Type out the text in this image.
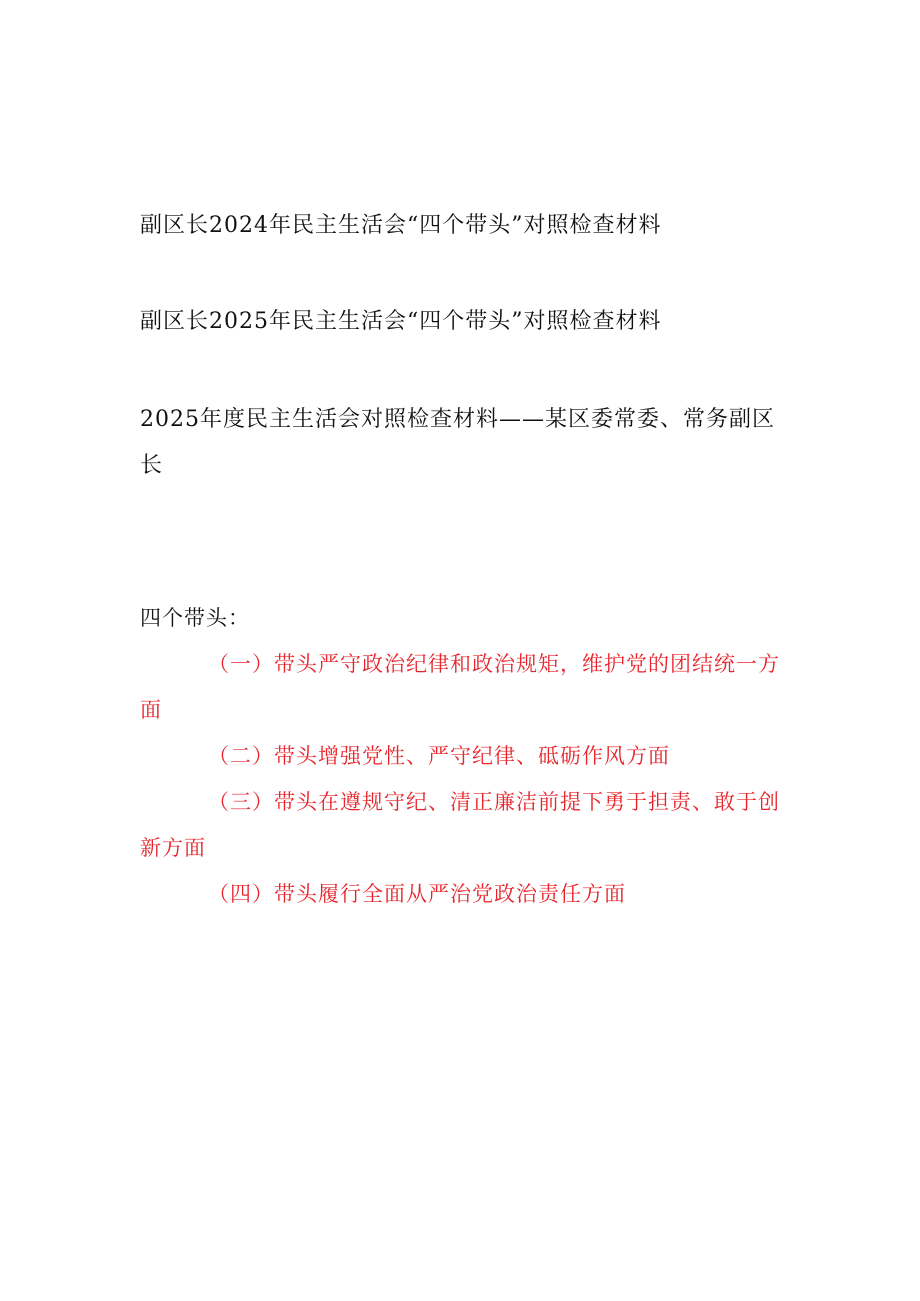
副区长2024年民主生活会“四个带头”对照检查材料

副区长2025年民主生活会“四个带头”对照检查材料

2025年度民主生活会对照检查材料——某区委常委、常务副区长

四个带头：

（一）带头严守政治纪律和政治规矩，维护党的团结统一方面
（二）带头增强党性、严守纪律、砥砺作风方面
（三）带头在遵规守纪、清正廉洁前提下勇于担责、敢于创新方面
（四）带头履行全面从严治党政治责任方面
